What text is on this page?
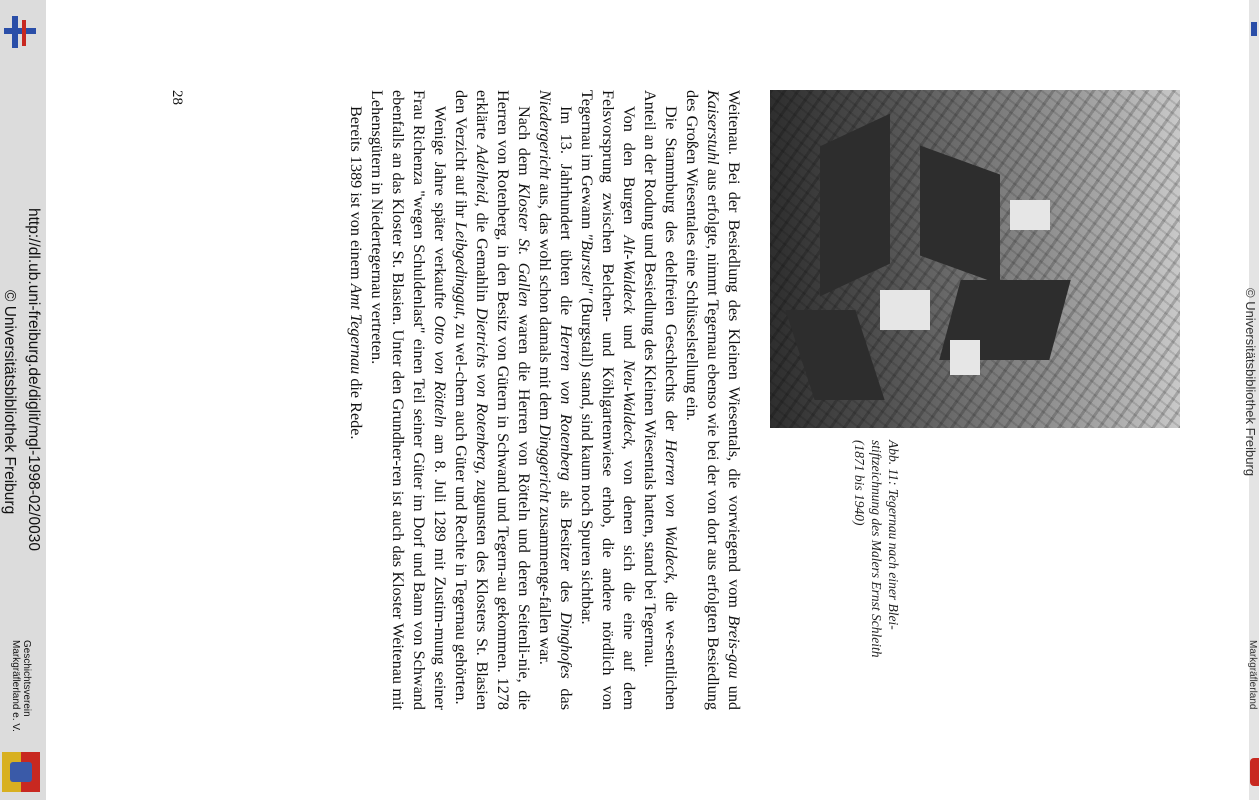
http://dl.ub.uni-freiburg.de/diglit/mgl-1998-02/0030
© Universitätsbibliothek Freiburg
Geschichtsverein
Markgräflerland e. V.
© Universitätsbibliothek Freiburg
Markgräflerland
Abb. 11: Tegernau nach einer Blei-stiftzeichnung des Malers Ernst Schleith (1871 bis 1940)

Weitenau. Bei der Besiedlung des Kleinen Wiesentals, die vorwiegend vom Breis-gau und Kaiserstuhl aus erfolgte, nimmt Tegernau ebenso wie bei der von dort aus erfolgten Besiedlung des Großen Wiesentales eine Schlüsselstellung ein.

Die Stammburg des edelfreien Geschlechts der Herren von Waldeck, die we-sentlichen Anteil an der Rodung und Besiedlung des Kleinen Wiesentals hatten, stand bei Tegernau.

Von den Burgen Alt-Waldeck und Neu-Waldeck, von denen sich die eine auf dem Felsvorsprung zwischen Belchen- und Köhlgartenwiese erhob, die andere nördlich von Tegernau im Gewann "Burstel" (Burgstall) stand, sind kaum noch Spuren sichtbar.

Im 13. Jahrhundert übten die Herren von Rotenberg als Besitzer des Dinghofes das Niedergericht aus, das wohl schon damals mit dem Dinggericht zusammenge-fallen war.

Nach dem Kloster St. Gallen waren die Herren von Rötteln und deren Seitenli-nie, die Herren von Rotenberg, in den Besitz von Gütern in Schwand und Tegern-au gekommen. 1278 erklärte Adelheid, die Gemahlin Dietrichs von Rotenberg, zugunsten des Klosters St. Blasien den Verzicht auf ihr Leibgedinggut, zu wel-chem auch Güter und Rechte in Tegernau gehörten.

Wenige Jahre später verkaufte Otto von Rötteln am 8. Juli 1289 mit Zustim-mung seiner Frau Richenza "wegen Schuldenlast" einen Teil seiner Güter im Dorf und Bann von Schwand ebenfalls an das Kloster St. Blasien. Unter den Grundher-ren ist auch das Kloster Weitenau mit Lehensgütern in Niedertegernau vertreten.

Bereits 1389 ist von einem Amt Tegernau die Rede.

28
